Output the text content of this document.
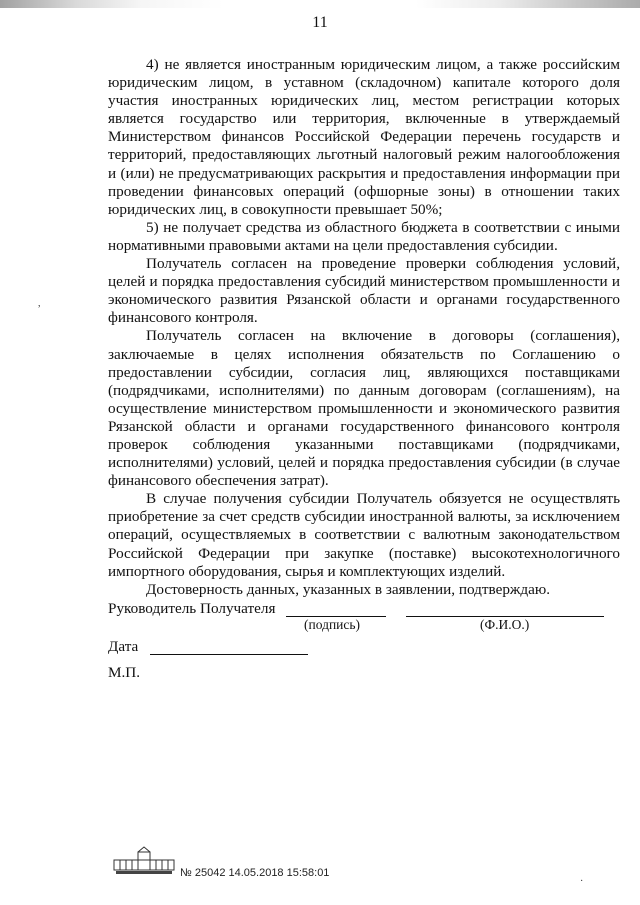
11

4) не является иностранным юридическим лицом, а также российским юридическим лицом, в уставном (складочном) капитале которого доля участия иностранных юридических лиц, местом регистрации которых является государство или территория, включенные в утверждаемый Министерством финансов Российской Федерации перечень государств и территорий, предоставляющих льготный налоговый режим налогообложения и (или) не предусматривающих раскрытия и предоставления информации при проведении финансовых операций (офшорные зоны) в отношении таких юридических лиц, в совокупности превышает 50%;

5) не получает средства из областного бюджета в соответствии с иными нормативными правовыми актами на цели предоставления субсидии.

Получатель согласен на проведение проверки соблюдения условий, целей и порядка предоставления субсидий министерством промышленности и экономического развития Рязанской области и органами государственного финансового контроля.

Получатель согласен на включение в договоры (соглашения), заключаемые в целях исполнения обязательств по Соглашению о предоставлении субсидии, согласия лиц, являющихся поставщиками (подрядчиками, исполнителями) по данным договорам (соглашениям), на осуществление министерством промышленности и экономического развития Рязанской области и органами государственного финансового контроля проверок соблюдения указанными поставщиками (подрядчиками, исполнителями) условий, целей и порядка предоставления субсидии (в случае финансового обеспечения затрат).

В случае получения субсидии Получатель обязуется не осуществлять приобретение за счет средств субсидии иностранной валюты, за исключением операций, осуществляемых в соответствии с валютным законодательством Российской Федерации при закупке (поставке) высокотехнологичного импортного оборудования, сырья и комплектующих изделий.

Достоверность данных, указанных в заявлении, подтверждаю.

Руководитель Получателя
(подпись)	(Ф.И.О.)
Дата
М.П.
№ 25042 14.05.2018 15:58:01
,
·
